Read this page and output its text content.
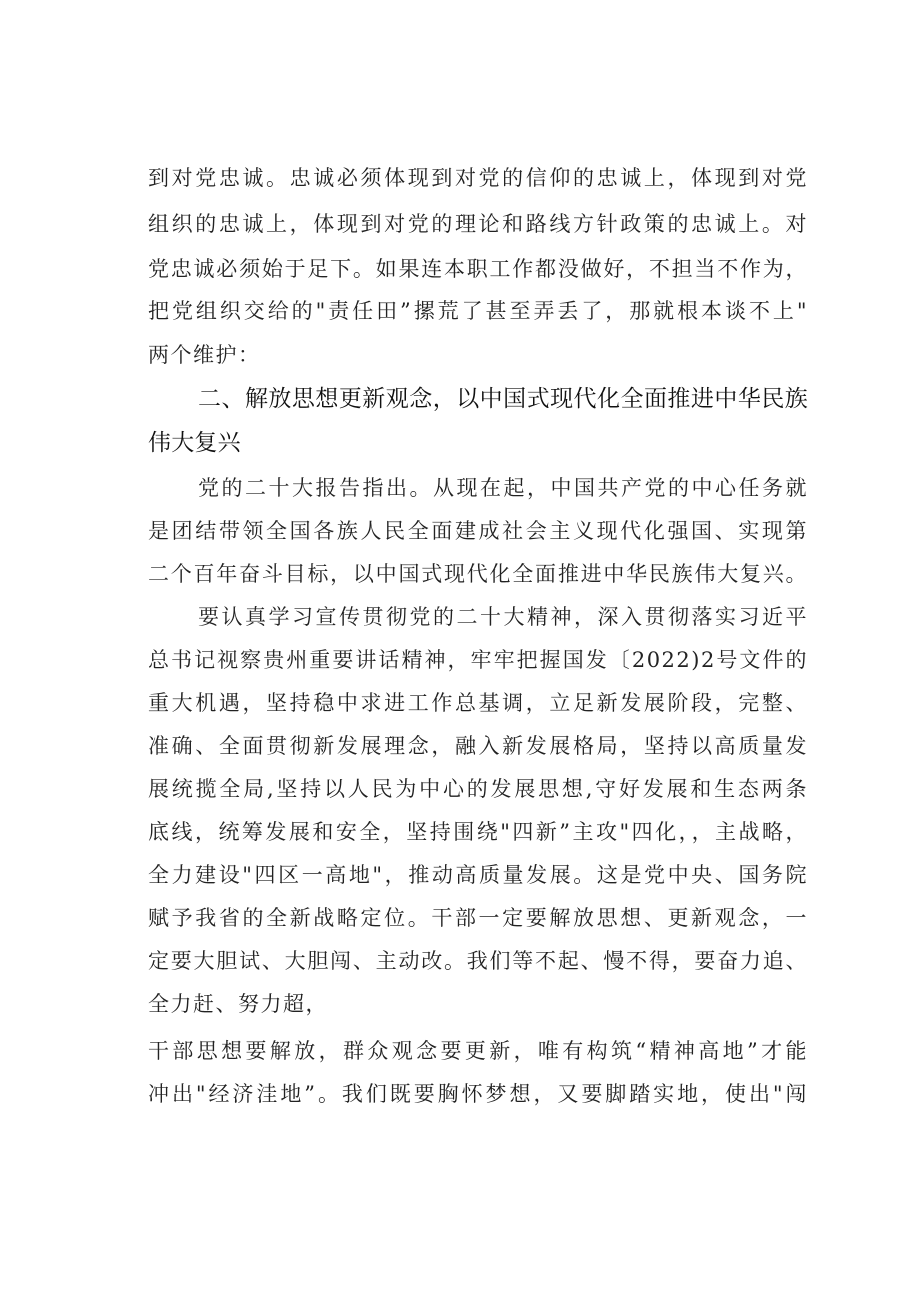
到对党忠诚。忠诚必须体现到对党的信仰的忠诚上，体现到对党
组织的忠诚上，体现到对党的理论和路线方针政策的忠诚上。对
党忠诚必须始于足下。如果连本职工作都没做好，不担当不作为，
把党组织交给的"责任田”摞荒了甚至弄丢了，那就根本谈不上"
两个维护：
二、解放思想更新观念，以中国式现代化全面推进中华民族
伟大复兴
党的二十大报告指出。从现在起，中国共产党的中心任务就
是团结带领全国各族人民全面建成社会主义现代化强国、实现第
二个百年奋斗目标，以中国式现代化全面推进中华民族伟大复兴。
要认真学习宣传贯彻党的二十大精神，深入贯彻落实习近平
总书记视察贵州重要讲话精神，牢牢把握国发〔2022)2号文件的
重大机遇，坚持稳中求进工作总基调，立足新发展阶段，完整、
准确、全面贯彻新发展理念，融入新发展格局，坚持以高质量发
展统揽全局,坚持以人民为中心的发展思想,守好发展和生态两条
底线，统筹发展和安全，坚持围绕"四新”主攻"四化，，主战略，
全力建设"四区一高地"，推动高质量发展。这是党中央、国务院
赋予我省的全新战略定位。干部一定要解放思想、更新观念，一
定要大胆试、大胆闯、主动改。我们等不起、慢不得，要奋力追、
全力赶、努力超，
干部思想要解放，群众观念要更新，唯有构筑“精神高地”才能
冲出"经济洼地”。我们既要胸怀梦想，又要脚踏实地，使出"闯
